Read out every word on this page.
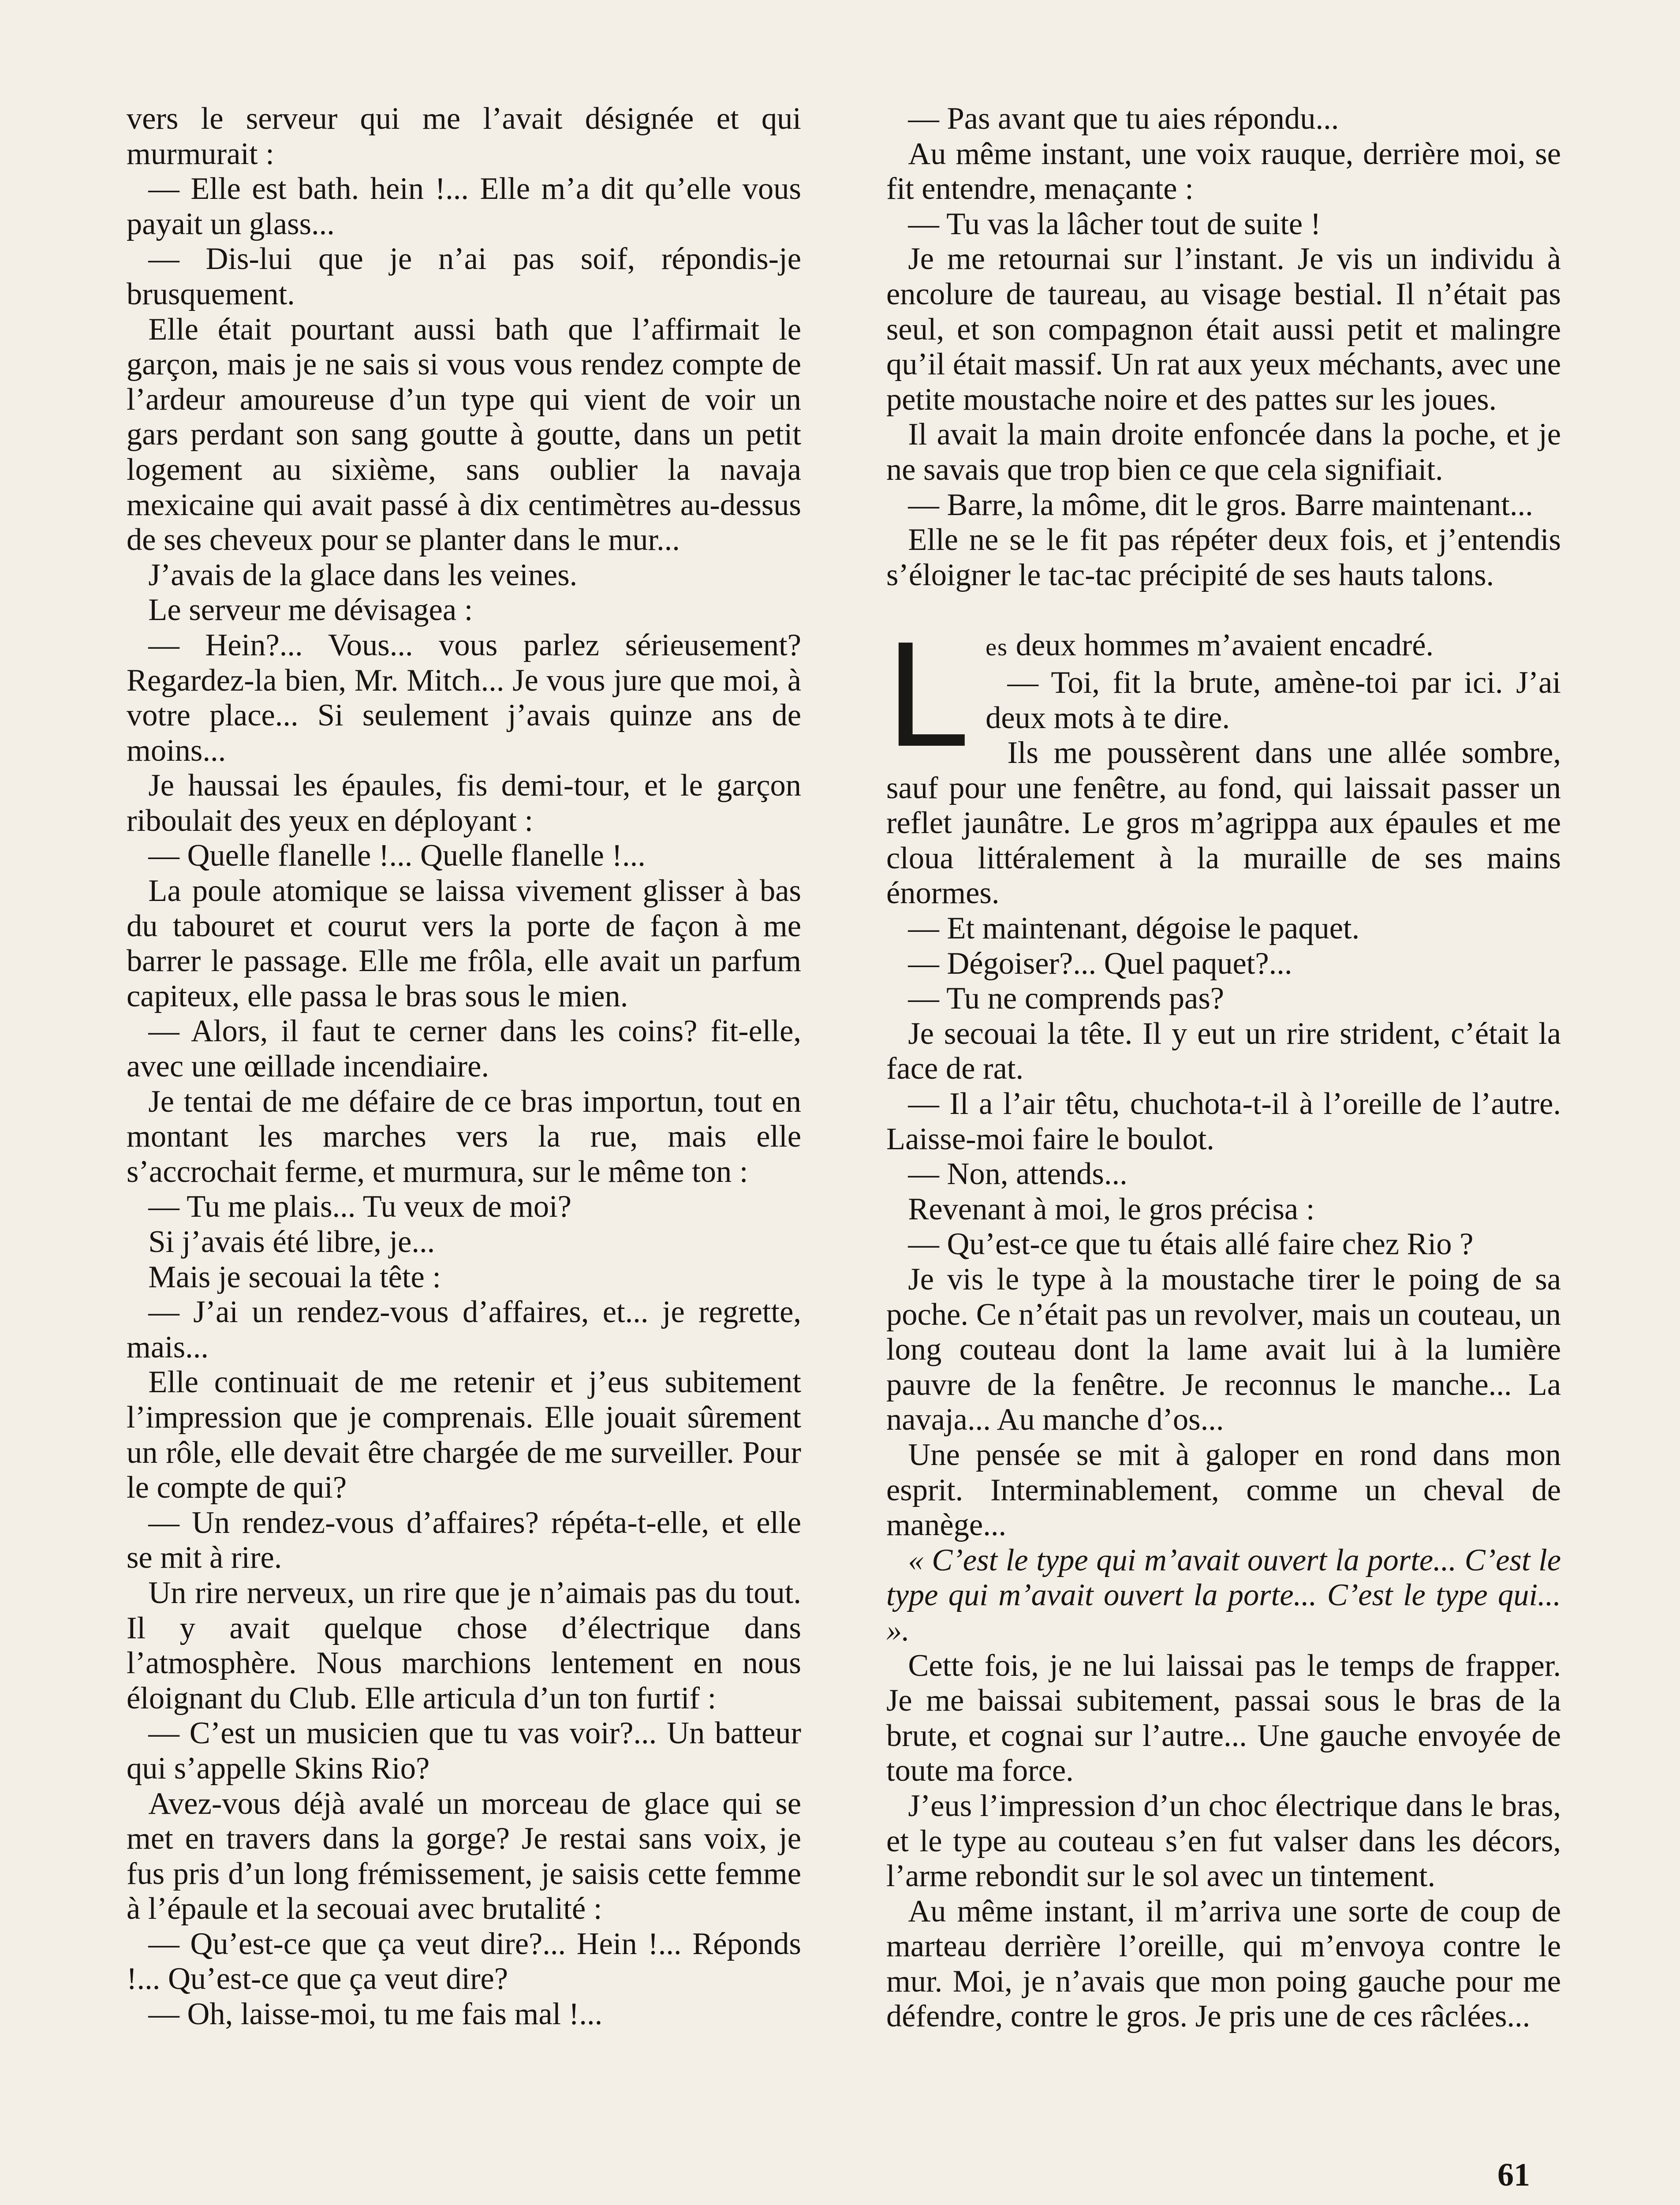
vers le serveur qui me l’avait désignée et qui murmurait :

— Elle est bath. hein !... Elle m’a dit qu’elle vous payait un glass...

— Dis-lui que je n’ai pas soif, répondis-je brusquement.

Elle était pourtant aussi bath que l’affirmait le garçon, mais je ne sais si vous vous rendez compte de l’ardeur amoureuse d’un type qui vient de voir un gars perdant son sang goutte à goutte, dans un petit logement au sixième, sans oublier la navaja mexicaine qui avait passé à dix centimètres au-dessus de ses cheveux pour se planter dans le mur...

J’avais de la glace dans les veines.

Le serveur me dévisagea :

— Hein?... Vous... vous parlez sérieusement? Regardez-la bien, Mr. Mitch... Je vous jure que moi, à votre place... Si seulement j’avais quinze ans de moins...

Je haussai les épaules, fis demi-tour, et le garçon riboulait des yeux en déployant :

— Quelle flanelle !... Quelle flanelle !...

La poule atomique se laissa vivement glisser à bas du tabouret et courut vers la porte de façon à me barrer le passage. Elle me frôla, elle avait un parfum capiteux, elle passa le bras sous le mien.

— Alors, il faut te cerner dans les coins? fit-elle, avec une œillade incendiaire.

Je tentai de me défaire de ce bras importun, tout en montant les marches vers la rue, mais elle s’accrochait ferme, et murmura, sur le même ton :

— Tu me plais... Tu veux de moi?

Si j’avais été libre, je...

Mais je secouai la tête :

— J’ai un rendez-vous d’affaires, et... je regrette, mais...

Elle continuait de me retenir et j’eus subitement l’impression que je comprenais. Elle jouait sûrement un rôle, elle devait être chargée de me surveiller. Pour le compte de qui?

— Un rendez-vous d’affaires? répéta-t-elle, et elle se mit à rire.

Un rire nerveux, un rire que je n’aimais pas du tout. Il y avait quelque chose d’électrique dans l’atmosphère. Nous marchions lentement en nous éloignant du Club. Elle articula d’un ton furtif :

— C’est un musicien que tu vas voir?... Un batteur qui s’appelle Skins Rio?

Avez-vous déjà avalé un morceau de glace qui se met en travers dans la gorge? Je restai sans voix, je fus pris d’un long frémissement, je saisis cette femme à l’épaule et la secouai avec brutalité :

— Qu’est-ce que ça veut dire?... Hein !... Réponds !... Qu’est-ce que ça veut dire?

— Oh, laisse-moi, tu me fais mal !...

— Pas avant que tu aies répondu...

Au même instant, une voix rauque, derrière moi, se fit entendre, menaçante :

— Tu vas la lâcher tout de suite !

Je me retournai sur l’instant. Je vis un individu à encolure de taureau, au visage bestial. Il n’était pas seul, et son compagnon était aussi petit et malingre qu’il était massif. Un rat aux yeux méchants, avec une petite moustache noire et des pattes sur les joues.

Il avait la main droite enfoncée dans la poche, et je ne savais que trop bien ce que cela signifiait.

— Barre, la môme, dit le gros. Barre maintenant...

Elle ne se le fit pas répéter deux fois, et j’entendis s’éloigner le tac-tac précipité de ses hauts talons.

L es deux hommes m’avaient encadré.

— Toi, fit la brute, amène-toi par ici. J’ai deux mots à te dire.

Ils me poussèrent dans une allée sombre, sauf pour une fenêtre, au fond, qui laissait passer un reflet jaunâtre. Le gros m’agrippa aux épaules et me cloua littéralement à la muraille de ses mains énormes.

— Et maintenant, dégoise le paquet.

— Dégoiser?... Quel paquet?...

— Tu ne comprends pas?

Je secouai la tête. Il y eut un rire strident, c’était la face de rat.

— Il a l’air têtu, chuchota-t-il à l’oreille de l’autre. Laisse-moi faire le boulot.

— Non, attends...

Revenant à moi, le gros précisa :

— Qu’est-ce que tu étais allé faire chez Rio ?

Je vis le type à la moustache tirer le poing de sa poche. Ce n’était pas un revolver, mais un couteau, un long couteau dont la lame avait lui à la lumière pauvre de la fenêtre. Je reconnus le manche... La navaja... Au manche d’os...

Une pensée se mit à galoper en rond dans mon esprit. Interminablement, comme un cheval de manège...

« C’est le type qui m’avait ouvert la porte... C’est le type qui m’avait ouvert la porte... C’est le type qui... ».

Cette fois, je ne lui laissai pas le temps de frapper. Je me baissai subitement, passai sous le bras de la brute, et cognai sur l’autre... Une gauche envoyée de toute ma force.

J’eus l’impression d’un choc électrique dans le bras, et le type au couteau s’en fut valser dans les décors, l’arme rebondit sur le sol avec un tintement.

Au même instant, il m’arriva une sorte de coup de marteau derrière l’oreille, qui m’envoya contre le mur. Moi, je n’avais que mon poing gauche pour me défendre, contre le gros. Je pris une de ces râclées...

61
